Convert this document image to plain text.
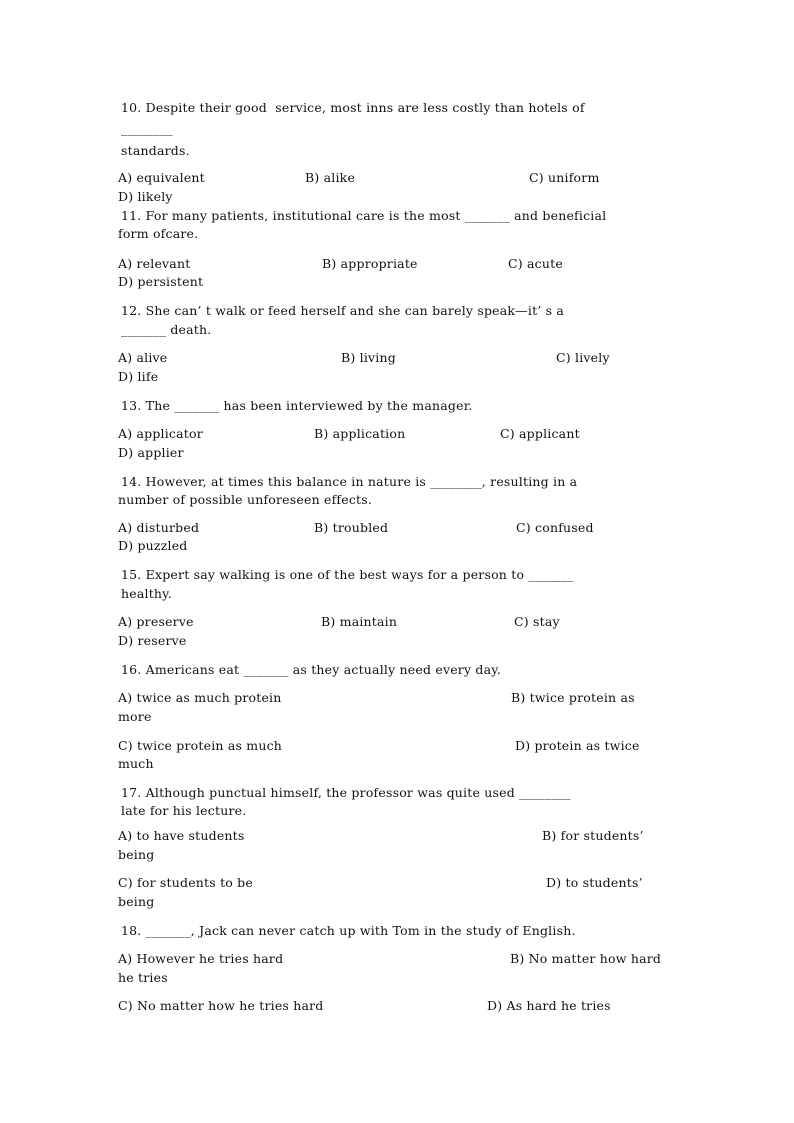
10. Despite their good  service, most inns are less costly than hotels of
________
standards.
A) equivalent	B) alike	C) uniform
D) likely
11. For many patients, institutional care is the most _______ and beneficial
form ofcare.
A) relevant	B) appropriate	C) acute
D) persistent
12. She can’ t walk or feed herself and she can barely speak—it’ s a
_______ death.
A) alive	B) living	C) lively
D) life
13. The _______ has been interviewed by the manager.
A) applicator	B) application	C) applicant
D) applier
14. However, at times this balance in nature is ________, resulting in a
number of possible unforeseen effects.
A) disturbed	B) troubled	C) confused
D) puzzled
15. Expert say walking is one of the best ways for a person to _______
healthy.
A) preserve	B) maintain	C) stay
D) reserve
16. Americans eat _______ as they actually need every day.
A) twice as much protein	B) twice protein as
more
C) twice protein as much	D) protein as twice
much
17. Although punctual himself, the professor was quite used ________
late for his lecture.
A) to have students	B) for students’
being
C) for students to be	D) to students’
being
18. _______, Jack can never catch up with Tom in the study of English.
A) However he tries hard	B) No matter how hard
he tries
C) No matter how he tries hard	D) As hard he tries
